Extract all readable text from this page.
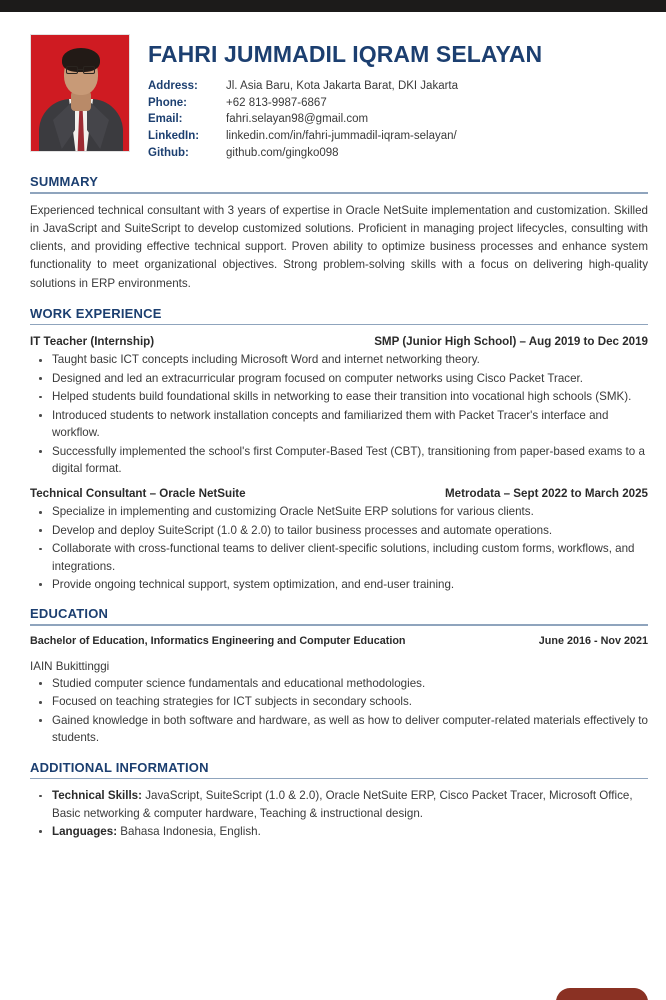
FAHRI JUMMADIL IQRAM SELAYAN
Address:	Jl. Asia Baru, Kota Jakarta Barat, DKI Jakarta
Phone:	+62 813-9987-6867
Email:	fahri.selayan98@gmail.com
LinkedIn:	linkedin.com/in/fahri-jummadil-iqram-selayan/
Github:	github.com/gingko098
SUMMARY
Experienced technical consultant with 3 years of expertise in Oracle NetSuite implementation and customization. Skilled in JavaScript and SuiteScript to develop customized solutions. Proficient in managing project lifecycles, consulting with clients, and providing effective technical support. Proven ability to optimize business processes and enhance system functionality to meet organizational objectives. Strong problem-solving skills with a focus on delivering high-quality solutions in ERP environments.
WORK EXPERIENCE
IT Teacher (Internship)	SMP (Junior High School) – Aug 2019 to Dec 2019
Taught basic ICT concepts including Microsoft Word and internet networking theory.
Designed and led an extracurricular program focused on computer networks using Cisco Packet Tracer.
Helped students build foundational skills in networking to ease their transition into vocational high schools (SMK).
Introduced students to network installation concepts and familiarized them with Packet Tracer's interface and workflow.
Successfully implemented the school's first Computer-Based Test (CBT), transitioning from paper-based exams to a digital format.
Technical Consultant – Oracle NetSuite	Metrodata – Sept 2022 to March 2025
Specialize in implementing and customizing Oracle NetSuite ERP solutions for various clients.
Develop and deploy SuiteScript (1.0 & 2.0) to tailor business processes and automate operations.
Collaborate with cross-functional teams to deliver client-specific solutions, including custom forms, workflows, and integrations.
Provide ongoing technical support, system optimization, and end-user training.
EDUCATION
Bachelor of Education, Informatics Engineering and Computer Education	June 2016 - Nov 2021
IAIN Bukittinggi
Studied computer science fundamentals and educational methodologies.
Focused on teaching strategies for ICT subjects in secondary schools.
Gained knowledge in both software and hardware, as well as how to deliver computer-related materials effectively to students.
ADDITIONAL INFORMATION
Technical Skills: JavaScript, SuiteScript (1.0 & 2.0), Oracle NetSuite ERP, Cisco Packet Tracer, Microsoft Office, Basic networking & computer hardware, Teaching & instructional design.
Languages: Bahasa Indonesia, English.
